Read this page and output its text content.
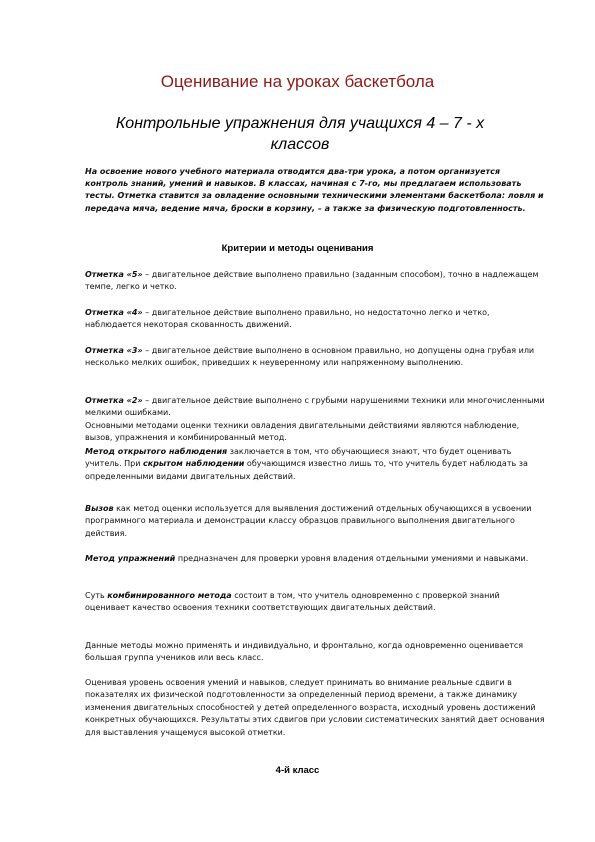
Оценивание на уроках баскетбола
Контрольные упражнения для учащихся 4 – 7 - х классов
На освоение нового учебного материала отводится два-три урока, а потом организуется контроль знаний, умений и навыков. В классах, начиная с 7-го, мы предлагаем использовать тесты. Отметка ставится за овладение основными техническими элементами баскетбола: ловля и передача мяча, ведение мяча, броски в корзину, – а также за физическую подготовленность.
Критерии и методы оценивания
Отметка «5» – двигательное действие выполнено правильно (заданным способом), точно в надлежащем темпе, легко и четко.
Отметка «4» – двигательное действие выполнено правильно, но недостаточно легко и четко, наблюдается некоторая скованность движений.
Отметка «3» – двигательное действие выполнено в основном правильно, но допущены одна грубая или несколько мелких ошибок, приведших к неуверенному или напряженному выполнению.
Отметка «2» – двигательное действие выполнено с грубыми нарушениями техники или многочисленными мелкими ошибками.
Основными методами оценки техники овладения двигательными действиями являются наблюдение, вызов, упражнения и комбинированный метод.
Метод открытого наблюдения заключается в том, что обучающиеся знают, что будет оценивать учитель. При скрытом наблюдении обучающимся известно лишь то, что учитель будет наблюдать за определенными видами двигательных действий.
Вызов как метод оценки используется для выявления достижений отдельных обучающихся в усвоении программного материала и демонстрации классу образцов правильного выполнения двигательного действия.
Метод упражнений предназначен для проверки уровня владения отдельными умениями и навыками.
Суть комбинированного метода состоит в том, что учитель одновременно с проверкой знаний оценивает качество освоения техники соответствующих двигательных действий.
Данные методы можно применять и индивидуально, и фронтально, когда одновременно оценивается большая группа учеников или весь класс.
Оценивая уровень освоения умений и навыков, следует принимать во внимание реальные сдвиги в показателях их физической подготовленности за определенный период времени, а также динамику изменения двигательных способностей у детей определенного возраста, исходный уровень достижений конкретных обучающихся. Результаты этих сдвигов при условии систематических занятий дает основания для выставления учащемуся высокой отметки.
4-й класс
